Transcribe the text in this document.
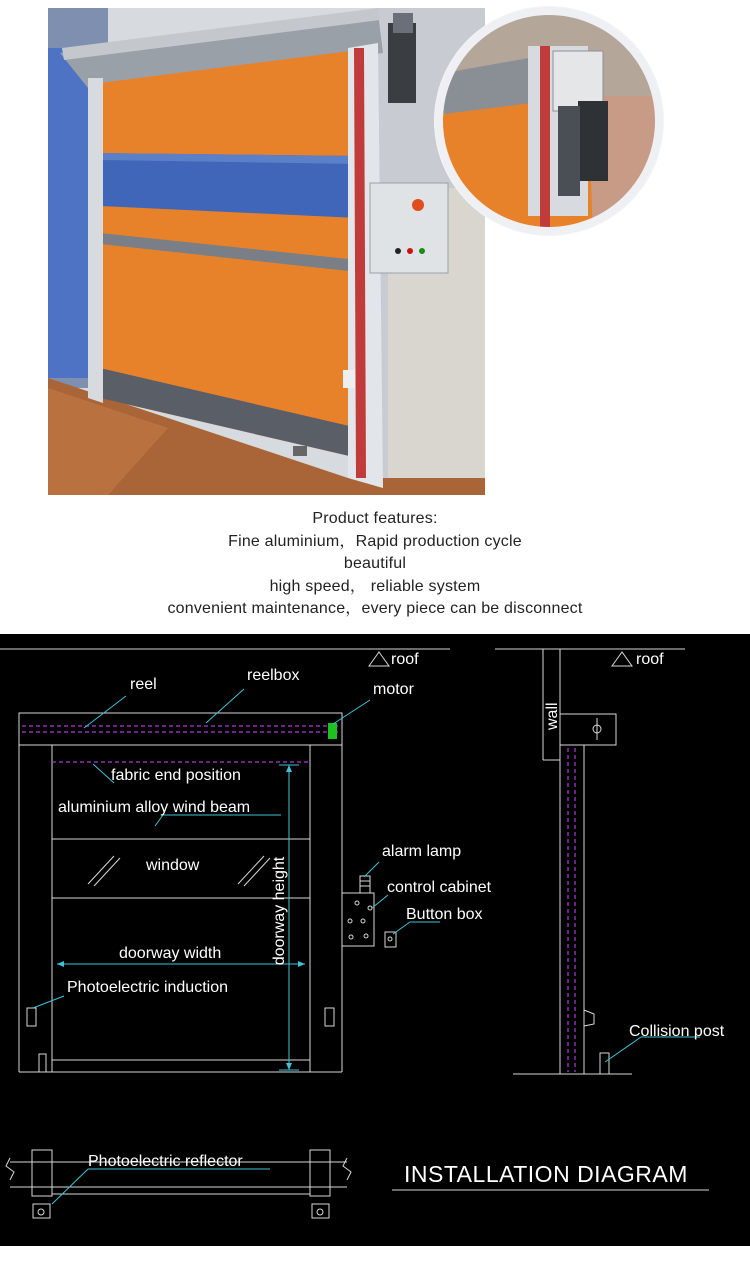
Product features:
Fine aluminium，Rapid production cycle
beautiful
high speed， reliable system
convenient maintenance，every piece can be disconnect
roof	roof
reel
reelbox
motor
wall
fabric end position
aluminium alloy wind beam
window	doorway height
doorway width
alarm lamp
control cabinet
Button box
Photoelectric induction
Collision post
Photoelectric reflector	INSTALLATION DIAGRAM
